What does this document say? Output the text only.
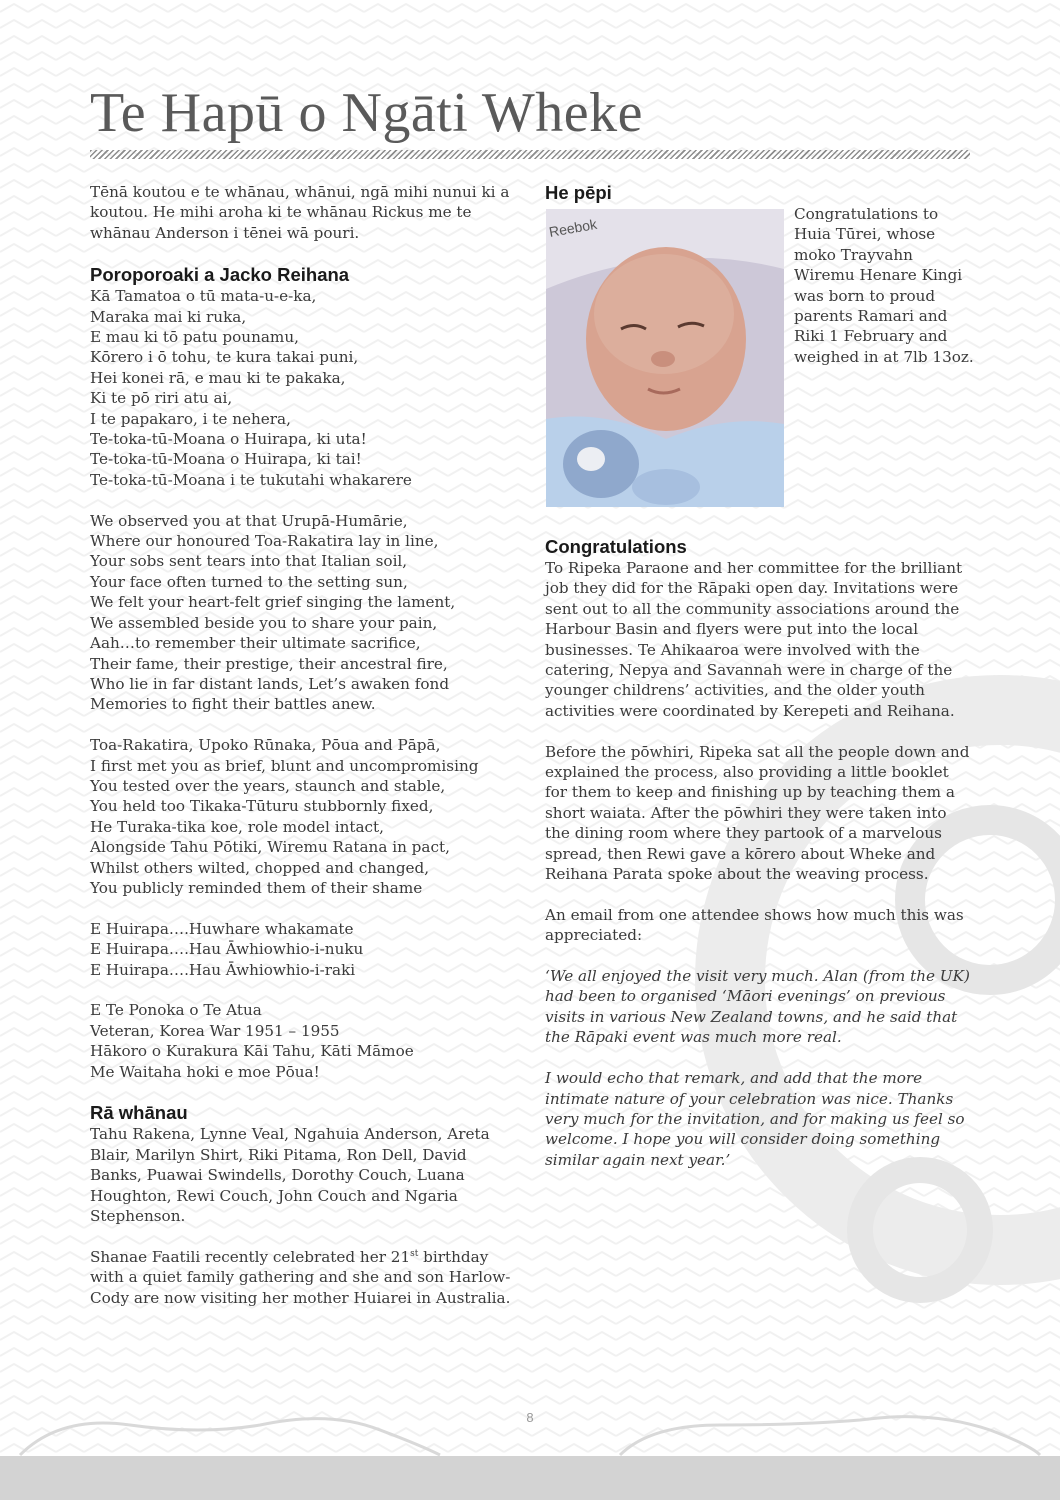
Te Hapū o Ngāti Wheke

Tēnā koutou e te whānau, whānui, ngā mihi nunui ki a koutou. He mihi aroha ki te whānau Rickus me te whānau Anderson i tēnei wā pouri.

Poroporoaki a Jacko Reihana

Kā Tamatoa o tū mata-u-e-ka,
Maraka mai ki ruka,
E mau ki tō patu pounamu,
Kōrero i ō tohu, te kura takai puni,
Hei konei rā, e mau ki te pakaka,
Ki te pō riri atu ai,
I te papakaro, i te nehera,
Te-toka-tū-Moana o Huirapa, ki uta!
Te-toka-tū-Moana o Huirapa, ki tai!
Te-toka-tū-Moana i te tukutahi whakarere

We observed you at that Urupā-Humārie,
Where our honoured Toa-Rakatira lay in line,
Your sobs sent tears into that Italian soil,
Your face often turned to the setting sun,
We felt your heart-felt grief singing the lament,
We assembled beside you to share your pain,
Aah…to remember their ultimate sacrifice,
Their fame, their prestige, their ancestral fire,
Who lie in far distant lands, Let’s awaken fond
Memories to fight their battles anew.

Toa-Rakatira, Upoko Rūnaka, Pōua and Pāpā,
I first met you as brief, blunt and uncompromising
You tested over the years, staunch and stable,
You held too Tikaka-Tūturu stubbornly fixed,
He Turaka-tika koe, role model intact,
Alongside Tahu Pōtiki, Wiremu Ratana in pact,
Whilst others wilted, chopped and changed,
You publicly reminded them of their shame

E Huirapa….Huwhare whakamate
E Huirapa….Hau Āwhiowhio-i-nuku
E Huirapa….Hau Āwhiowhio-i-raki

E Te Ponoka o Te Atua
Veteran, Korea War 1951 – 1955
Hākoro o Kurakura Kāi Tahu, Kāti Māmoe
Me Waitaha hoki e moe Pōua!

Rā whānau

Tahu Rakena, Lynne Veal, Ngahuia Anderson, Areta Blair, Marilyn Shirt, Riki Pitama, Ron Dell, David Banks, Puawai Swindells, Dorothy Couch, Luana Houghton, Rewi Couch, John Couch and Ngaria Stephenson.

Shanae Faatili recently celebrated her 21st birthday with a quiet family gathering and she and son Harlow-Cody are now visiting her mother Huiarei in Australia.

He pēpi
Reebok

Congratulations to Huia Tūrei, whose moko Trayvahn Wiremu Henare Kingi was born to proud parents Ramari and Riki 1 February and weighed in at 7lb 13oz.

Congratulations

To Ripeka Paraone and her committee for the brilliant job they did for the Rāpaki open day. Invitations were sent out to all the community associations around the Harbour Basin and flyers were put into the local businesses. Te Ahikaaroa were involved with the catering, Nepya and Savannah were in charge of the younger childrens’ activities, and the older youth activities were coordinated by Kerepeti and Reihana.

Before the pōwhiri, Ripeka sat all the people down and explained the process, also providing a little booklet for them to keep and finishing up by teaching them a short waiata. After the pōwhiri they were taken into the dining room where they partook of a marvelous spread, then Rewi gave a kōrero about Wheke and Reihana Parata spoke about the weaving process.

An email from one attendee shows how much this was appreciated:

‘We all enjoyed the visit very much. Alan (from the UK) had been to organised ‘Māori evenings’ on previous visits in various New Zealand towns, and he said that the Rāpaki event was much more real.

I would echo that remark, and add that the more intimate nature of your celebration was nice. Thanks very much for the invitation, and for making us feel so welcome. I hope you will consider doing something similar again next year.’

8
